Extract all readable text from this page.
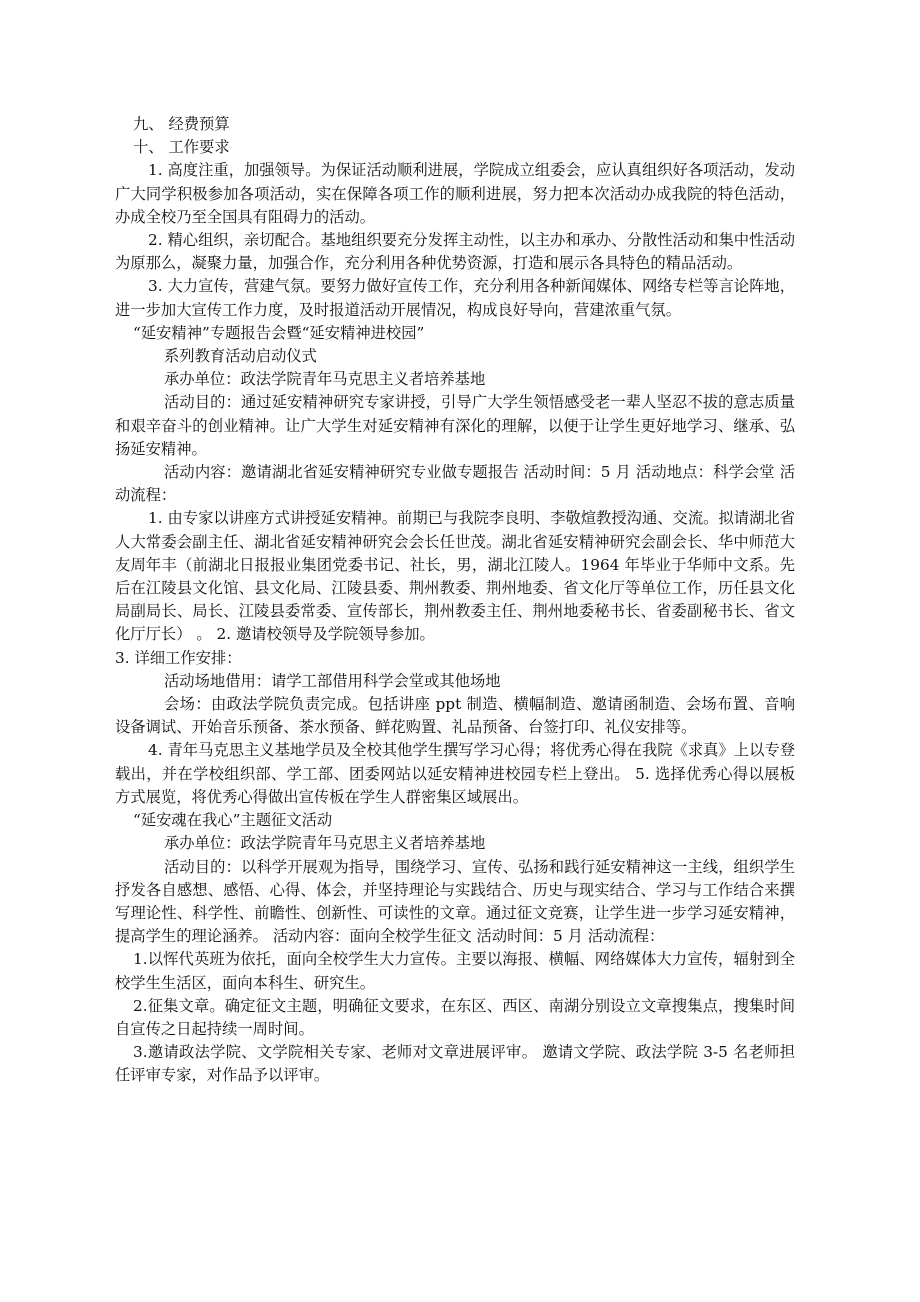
九、 经费预算

十、 工作要求

1. 高度注重，加强领导。为保证活动顺利进展，学院成立组委会，应认真组织好各项活动，发动广大同学积极参加各项活动，实在保障各项工作的顺利进展，努力把本次活动办成我院的特色活动，办成全校乃至全国具有阻碍力的活动。

2. 精心组织，亲切配合。基地组织要充分发挥主动性，以主办和承办、分散性活动和集中性活动为原那么，凝聚力量，加强合作，充分利用各种优势资源，打造和展示各具特色的精品活动。

3. 大力宣传，营建气氛。要努力做好宣传工作，充分利用各种新闻媒体、网络专栏等言论阵地，进一步加大宣传工作力度，及时报道活动开展情况，构成良好导向，营建浓重气氛。

“延安精神”专题报告会暨“延安精神进校园”

系列教育活动启动仪式

承办单位：政法学院青年马克思主义者培养基地

活动目的：通过延安精神研究专家讲授，引导广大学生领悟感受老一辈人坚忍不拔的意志质量和艰辛奋斗的创业精神。让广大学生对延安精神有深化的理解，以便于让学生更好地学习、继承、弘扬延安精神。

活动内容：邀请湖北省延安精神研究专业做专题报告 活动时间：5 月 活动地点：科学会堂 活动流程：

1. 由专家以讲座方式讲授延安精神。前期已与我院李良明、李敬煊教授沟通、交流。拟请湖北省人大常委会副主任、湖北省延安精神研究会会长任世茂。湖北省延安精神研究会副会长、华中师范大友周年丰（前湖北日报报业集团党委书记、社长，男，湖北江陵人。1964 年毕业于华师中文系。先后在江陵县文化馆、县文化局、江陵县委、荆州教委、荆州地委、省文化厅等单位工作，历任县文化局副局长、局长、江陵县委常委、宣传部长，荆州教委主任、荆州地委秘书长、省委副秘书长、省文化厅厅长） 。 2. 邀请校领导及学院领导参加。

3. 详细工作安排：

活动场地借用：请学工部借用科学会堂或其他场地

会场：由政法学院负责完成。包括讲座 ppt 制造、横幅制造、邀请函制造、会场布置、音响设备调试、开始音乐预备、茶水预备、鲜花购置、礼品预备、台签打印、礼仪安排等。

4. 青年马克思主义基地学员及全校其他学生撰写学习心得；将优秀心得在我院《求真》上以专登载出，并在学校组织部、学工部、团委网站以延安精神进校园专栏上登出。 5. 选择优秀心得以展板方式展览，将优秀心得做出宣传板在学生人群密集区域展出。

“延安魂在我心”主题征文活动

承办单位：政法学院青年马克思主义者培养基地

活动目的：以科学开展观为指导，围绕学习、宣传、弘扬和践行延安精神这一主线，组织学生抒发各自感想、感悟、心得、体会，并坚持理论与实践结合、历史与现实结合、学习与工作结合来撰写理论性、科学性、前瞻性、创新性、可读性的文章。通过征文竞赛，让学生进一步学习延安精神，提高学生的理论涵养。 活动内容：面向全校学生征文 活动时间：5 月 活动流程：

1.以恽代英班为依托，面向全校学生大力宣传。主要以海报、横幅、网络媒体大力宣传，辐射到全校学生生活区，面向本科生、研究生。

2.征集文章。确定征文主题，明确征文要求，在东区、西区、南湖分别设立文章搜集点，搜集时间自宣传之日起持续一周时间。

3.邀请政法学院、文学院相关专家、老师对文章进展评审。 邀请文学院、政法学院 3-5 名老师担任评审专家，对作品予以评审。
